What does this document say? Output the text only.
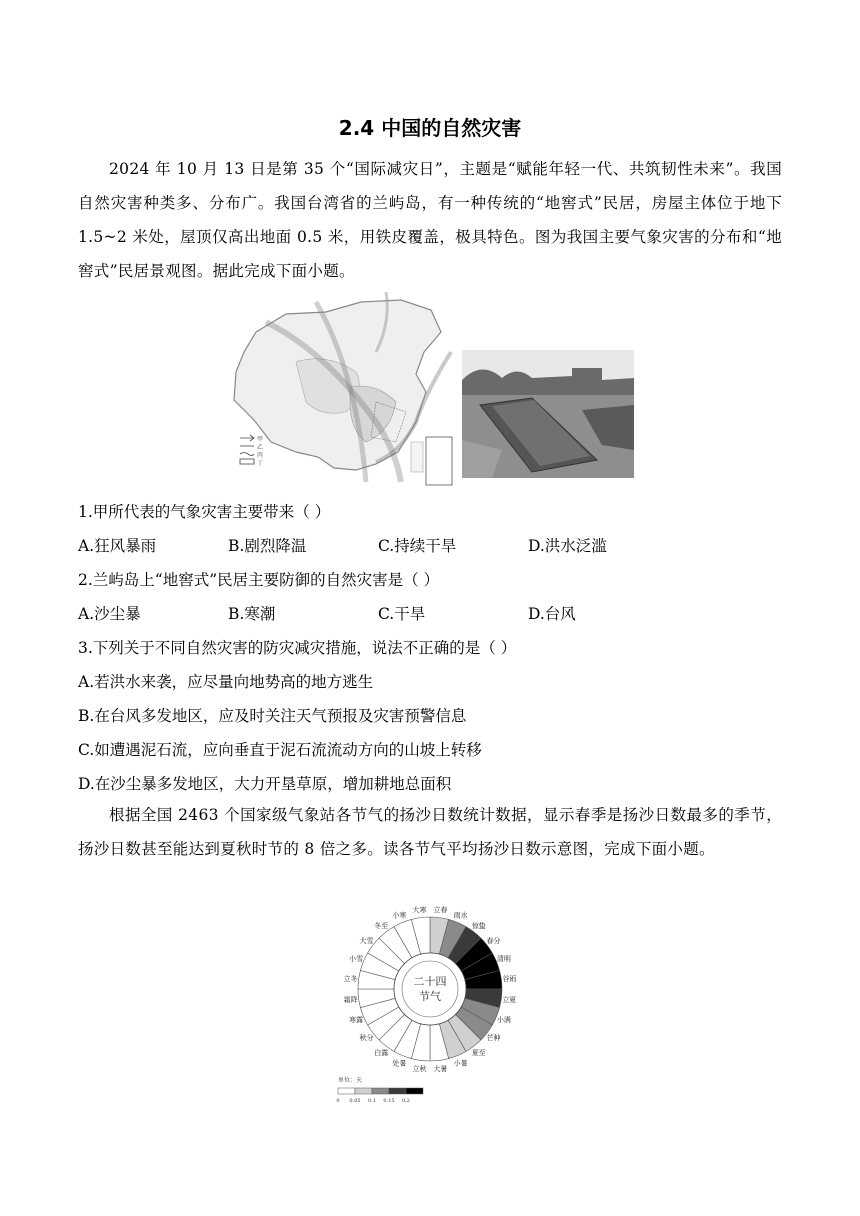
2.4 中国的自然灾害
2024 年 10 月 13 日是第 35 个“国际减灾日”，主题是“赋能年轻一代、共筑韧性未来”。我国自然灾害种类多、分布广。我国台湾省的兰屿岛，有一种传统的“地窖式”民居，房屋主体位于地下 1.5~2 米处，屋顶仅高出地面 0.5 米，用铁皮覆盖，极具特色。图为我国主要气象灾害的分布和“地窖式”民居景观图。据此完成下面小题。
甲
乙
丙
丁
1.甲所代表的气象灾害主要带来（ ）
A.狂风暴雨	B.剧烈降温	C.持续干旱	D.洪水泛滥
2.兰屿岛上“地窖式”民居主要防御的自然灾害是（ ）
A.沙尘暴	B.寒潮	C.干旱	D.台风
3.下列关于不同自然灾害的防灾减灾措施，说法不正确的是（ ）
A.若洪水来袭，应尽量向地势高的地方逃生
B.在台风多发地区，应及时关注天气预报及灾害预警信息
C.如遭遇泥石流，应向垂直于泥石流流动方向的山坡上转移
D.在沙尘暴多发地区，大力开垦草原，增加耕地总面积
根据全国 2463 个国家级气象站各节气的扬沙日数统计数据，显示春季是扬沙日数最多的季节，扬沙日数甚至能达到夏秋时节的 8 倍之多。读各节气平均扬沙日数示意图，完成下面小题。
立春
雨水
惊蛰
春分
清明
谷雨
立夏
小满
芒种
夏至
小暑
大暑
立秋
处暑
白露
秋分
寒露
霜降
立冬
小雪
大雪
冬至
小寒
大寒
二十四
节气
单位：天
0 0.05 0.1 0.15 0.2
